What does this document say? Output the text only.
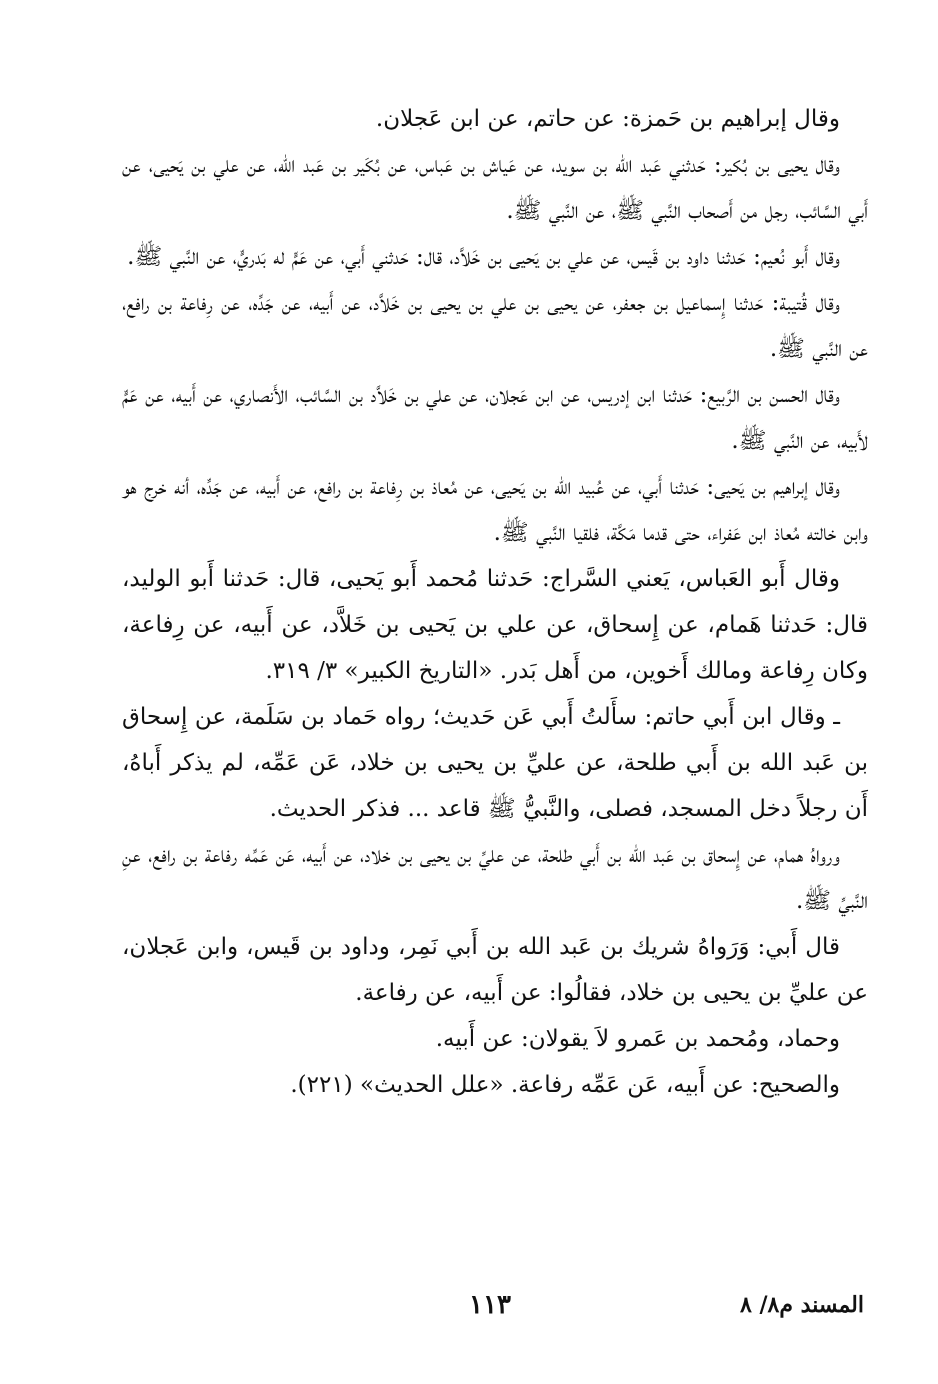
وقال إبراهيم بن حَمزة: عن حاتم، عن ابن عَجلان.

وقال يحيى بن بُكير: حَدثني عَبد الله بن سويد، عن عَياش بن عَباس، عن بُكَير بن عَبد الله، عن علي بن يَحيى، عن أَبي السَّائب، رجل من أَصحاب النَّبي ﷺ، عن النَّبي ﷺ.

وقال أَبو نُعيم: حَدثنا داود بن قَيس، عن علي بن يَحيى بن خَلاَّد، قال: حَدثني أَبي، عن عَمٍّ له بَدريٍّ، عن النَّبي ﷺ.

وقال قُتيبة: حَدثنا إِسماعيل بن جعفر، عن يحيى بن علي بن يحيى بن خَلاَّد، عن أَبيه، عن جَدِّه، عن رِفاعة بن رافع، عن النَّبي ﷺ.

وقال الحسن بن الرَّبيع: حَدثنا ابن إدريس، عن ابن عَجلان، عن علي بن خَلاَّد بن السَّائب، الأَنصاري، عن أَبيه، عن عَمٍّ لأَبيه، عن النَّبي ﷺ.

وقال إبراهيم بن يَحيى: حَدثنا أَبي، عن عُبيد الله بن يَحيى، عن مُعاذ بن رِفاعة بن رافع، عن أَبيه، عن جَدِّه، أنه خرج هو وابن خالته مُعاذ ابن عَفراء، حتى قدما مَكَّة، فلقيا النَّبي ﷺ.

وقال أَبو العَباس، يَعني السَّراج: حَدثنا مُحمد أَبو يَحيى، قال: حَدثنا أَبو الوليد، قال: حَدثنا هَمام، عن إِسحاق، عن علي بن يَحيى بن خَلاَّد، عن أَبيه، عن رِفاعة، وكان رِفاعة ومالك أَخوين، من أَهل بَدر. «التاريخ الكبير» ٣/ ٣١٩.

ـ وقال ابن أَبي حاتم: سأَلتُ أَبي عَن حَديث؛ رواه حَماد بن سَلَمة، عن إِسحاق بن عَبد الله بن أَبي طلحة، عن عليِّ بن يحيى بن خلاد، عَن عَمِّه، لم يذكر أَباهُ، أَن رجلاً دخل المسجد، فصلى، والنَّبيُّ ﷺ قاعد ... فذكر الحديث.

ورواهُ همام، عن إِسحاق بن عَبد الله بن أَبي طلحة، عن عليِّ بن يحيى بن خلاد، عن أَبيه، عَن عَمِّه رفاعة بن رافع، عنِ النَّبيِّ ﷺ.

قال أَبي: وَرَواهُ شريك بن عَبد الله بن أَبي نَمِر، وداود بن قَيس، وابن عَجلان، عن عليِّ بن يحيى بن خلاد، فقالُوا: عن أَبيه، عن رفاعة.

وحماد، ومُحمد بن عَمرو لاَ يقولان: عن أَبيه.

والصحيح: عن أَبيه، عَن عَمِّه رفاعة. «علل الحديث» (٢٢١).

١١٣	المسند م٨/ ٨
